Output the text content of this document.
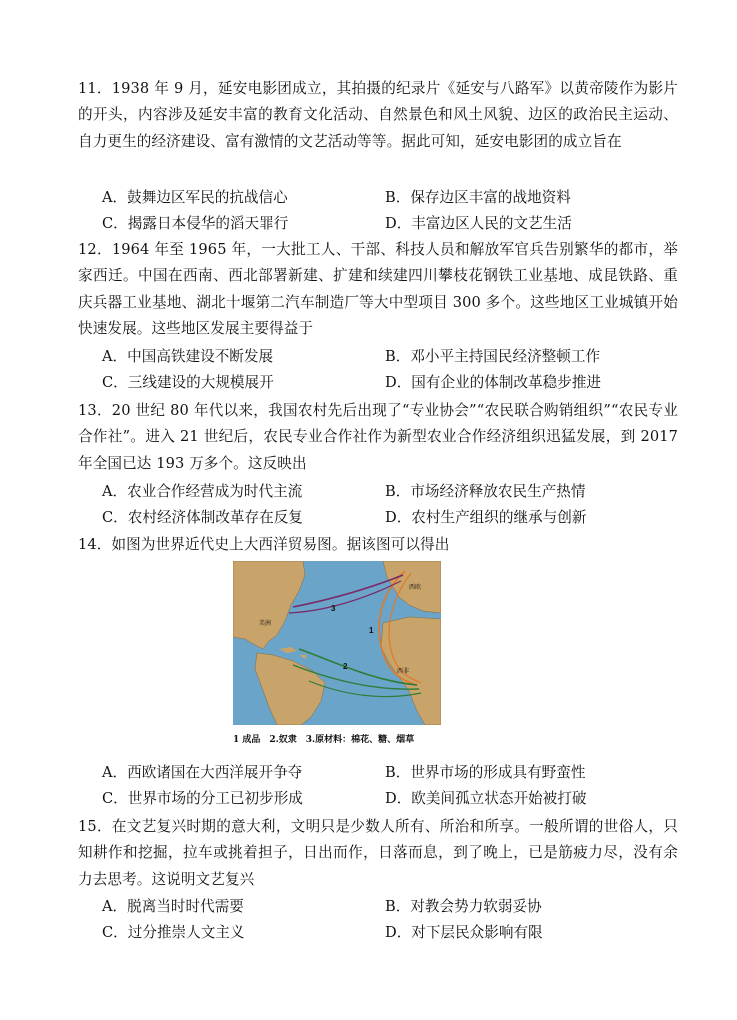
11．1938 年 9 月，延安电影团成立，其拍摄的纪录片《延安与八路军》以黄帝陵作为影片的开头，内容涉及延安丰富的教育文化活动、自然景色和风土风貌、边区的政治民主运动、自力更生的经济建设、富有激情的文艺活动等等。据此可知，延安电影团的成立旨在
A．鼓舞边区军民的抗战信心	B．保存边区丰富的战地资料
C．揭露日本侵华的滔天罪行	D．丰富边区人民的文艺生活
12．1964 年至 1965 年，一大批工人、干部、科技人员和解放军官兵告别繁华的都市，举家西迁。中国在西南、西北部署新建、扩建和续建四川攀枝花钢铁工业基地、成昆铁路、重庆兵器工业基地、湖北十堰第二汽车制造厂等大中型项目 300 多个。这些地区工业城镇开始快速发展。这些地区发展主要得益于
A．中国高铁建设不断发展	B．邓小平主持国民经济整顿工作
C．三线建设的大规模展开	D．国有企业的体制改革稳步推进
13．20 世纪 80 年代以来，我国农村先后出现了“专业协会”“农民联合购销组织”“农民专业合作社”。进入 21 世纪后，农民专业合作社作为新型农业合作经济组织迅猛发展，到 2017 年全国已达 193 万多个。这反映出
A．农业合作经营成为时代主流	B．市场经济释放农民生产热情
C．农村经济体制改革存在反复	D．农村生产组织的继承与创新
14．如图为世界近代史上大西洋贸易图。据该图可以得出
1
2
3
西欧
西非
美洲
1 成品　2.奴隶　3.原材料：棉花、糖、烟草
A．西欧诸国在大西洋展开争夺	B．世界市场的形成具有野蛮性
C．世界市场的分工已初步形成	D．欧美间孤立状态开始被打破
15．在文艺复兴时期的意大利，文明只是少数人所有、所治和所享。一般所谓的世俗人，只知耕作和挖掘，拉车或挑着担子，日出而作，日落而息，到了晚上，已是筋疲力尽，没有余力去思考。这说明文艺复兴
A．脱离当时时代需要	B．对教会势力软弱妥协
C．过分推崇人文主义	D．对下层民众影响有限
